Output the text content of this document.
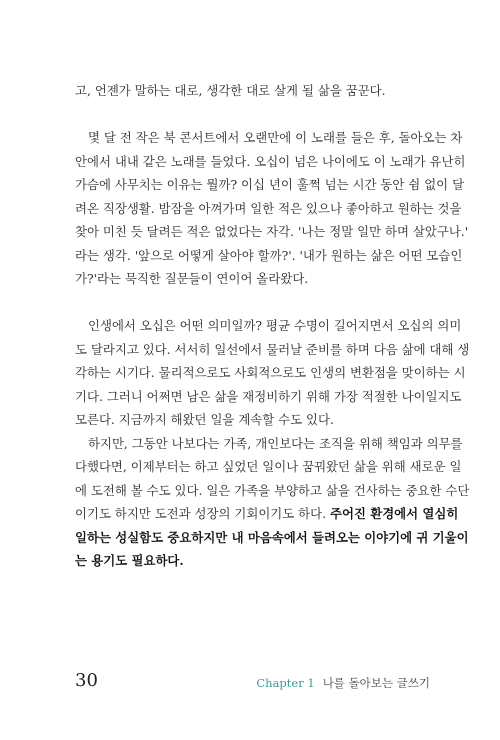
고, 언젠가 말하는 대로, 생각한 대로 살게 될 삶을 꿈꾼다.
몇 달 전 작은 북 콘서트에서 오랜만에 이 노래를 들은 후, 돌아오는 차
안에서 내내 같은 노래를 들었다. 오십이 넘은 나이에도 이 노래가 유난히
가슴에 사무치는 이유는 뭘까? 이십 년이 훌쩍 넘는 시간 동안 쉼 없이 달
려온 직장생활. 밤잠을 아껴가며 일한 적은 있으나 좋아하고 원하는 것을
찾아 미친 듯 달려든 적은 없었다는 자각. '나는 정말 일만 하며 살았구나.'
라는 생각. '앞으로 어떻게 살아야 할까?'. '내가 원하는 삶은 어떤 모습인
가?'라는 묵직한 질문들이 연이어 올라왔다.
인생에서 오십은 어떤 의미일까? 평균 수명이 길어지면서 오십의 의미
도 달라지고 있다. 서서히 일선에서 물러날 준비를 하며 다음 삶에 대해 생
각하는 시기다. 물리적으로도 사회적으로도 인생의 변환점을 맞이하는 시
기다. 그러니 어쩌면 남은 삶을 재정비하기 위해 가장 적절한 나이일지도
모른다. 지금까지 해왔던 일을 계속할 수도 있다.
하지만, 그동안 나보다는 가족, 개인보다는 조직을 위해 책임과 의무를
다했다면, 이제부터는 하고 싶었던 일이나 꿈꿔왔던 삶을 위해 새로운 일
에 도전해 볼 수도 있다. 일은 가족을 부양하고 삶을 건사하는 중요한 수단
이기도 하지만 도전과 성장의 기회이기도 하다. 주어진 환경에서 열심히
일하는 성실함도 중요하지만 내 마음속에서 들려오는 이야기에 귀 기울이
는 용기도 필요하다.
30	Chapter 1 나를 돌아보는 글쓰기
